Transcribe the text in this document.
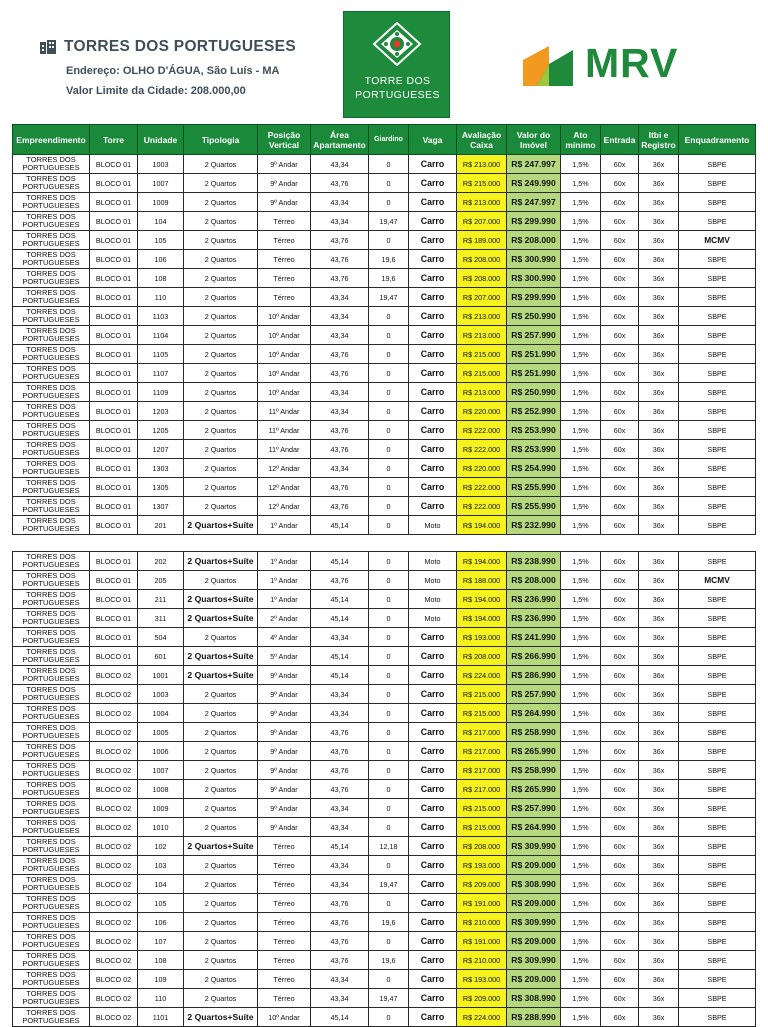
TORRES DOS PORTUGUESES
Endereço: OLHO D'ÁGUA, São Luís - MA
Valor Limite da Cidade: 208.000,00
TORRE DOS
PORTUGUESES
MRV
Empreendimento	Torre	Unidade	Tipologia	Posição Vertical	Área Apartamento	Giardino	Vaga	Avaliação Caixa	Valor do Imóvel	Ato mínimo	Entrada	Itbi e Registro	Enquadramento
TORRES DOS PORTUGUESES	BLOCO 01	1003	2 Quartos	9º Andar	43,34	0	Carro	R$ 213.000	R$ 247.997	1,5%	60x	36x	SBPE
TORRES DOS PORTUGUESES	BLOCO 01	1007	2 Quartos	9º Andar	43,76	0	Carro	R$ 215.000	R$ 249.990	1,5%	60x	36x	SBPE
TORRES DOS PORTUGUESES	BLOCO 01	1009	2 Quartos	9º Andar	43,34	0	Carro	R$ 213.000	R$ 247.997	1,5%	60x	36x	SBPE
TORRES DOS PORTUGUESES	BLOCO 01	104	2 Quartos	Térreo	43,34	19,47	Carro	R$ 207.000	R$ 299.990	1,5%	60x	36x	SBPE
TORRES DOS PORTUGUESES	BLOCO 01	105	2 Quartos	Térreo	43,76	0	Carro	R$ 189.000	R$ 208.000	1,5%	60x	36x	MCMV
TORRES DOS PORTUGUESES	BLOCO 01	106	2 Quartos	Térreo	43,76	19,6	Carro	R$ 208.000	R$ 300.990	1,5%	60x	36x	SBPE
TORRES DOS PORTUGUESES	BLOCO 01	108	2 Quartos	Térreo	43,76	19,6	Carro	R$ 208.000	R$ 300.990	1,5%	60x	36x	SBPE
TORRES DOS PORTUGUESES	BLOCO 01	110	2 Quartos	Térreo	43,34	19,47	Carro	R$ 207.000	R$ 299.990	1,5%	60x	36x	SBPE
TORRES DOS PORTUGUESES	BLOCO 01	1103	2 Quartos	10º Andar	43,34	0	Carro	R$ 213.000	R$ 250.990	1,5%	60x	36x	SBPE
TORRES DOS PORTUGUESES	BLOCO 01	1104	2 Quartos	10º Andar	43,34	0	Carro	R$ 213.000	R$ 257.990	1,5%	60x	36x	SBPE
TORRES DOS PORTUGUESES	BLOCO 01	1105	2 Quartos	10º Andar	43,76	0	Carro	R$ 215.000	R$ 251.990	1,5%	60x	36x	SBPE
TORRES DOS PORTUGUESES	BLOCO 01	1107	2 Quartos	10º Andar	43,76	0	Carro	R$ 215.000	R$ 251.990	1,5%	60x	36x	SBPE
TORRES DOS PORTUGUESES	BLOCO 01	1109	2 Quartos	10º Andar	43,34	0	Carro	R$ 213.000	R$ 250.990	1,5%	60x	36x	SBPE
TORRES DOS PORTUGUESES	BLOCO 01	1203	2 Quartos	11º Andar	43,34	0	Carro	R$ 220.000	R$ 252.990	1,5%	60x	36x	SBPE
TORRES DOS PORTUGUESES	BLOCO 01	1205	2 Quartos	11º Andar	43,76	0	Carro	R$ 222.000	R$ 253.990	1,5%	60x	36x	SBPE
TORRES DOS PORTUGUESES	BLOCO 01	1207	2 Quartos	11º Andar	43,76	0	Carro	R$ 222.000	R$ 253.990	1,5%	60x	36x	SBPE
TORRES DOS PORTUGUESES	BLOCO 01	1303	2 Quartos	12º Andar	43,34	0	Carro	R$ 220.000	R$ 254.990	1,5%	60x	36x	SBPE
TORRES DOS PORTUGUESES	BLOCO 01	1305	2 Quartos	12º Andar	43,76	0	Carro	R$ 222.000	R$ 255.990	1,5%	60x	36x	SBPE
TORRES DOS PORTUGUESES	BLOCO 01	1307	2 Quartos	12º Andar	43,76	0	Carro	R$ 222.000	R$ 255.990	1,5%	60x	36x	SBPE
TORRES DOS PORTUGUESES	BLOCO 01	201	2 Quartos+Suíte	1º Andar	45,14	0	Moto	R$ 194.000	R$ 232.990	1,5%	60x	36x	SBPE
TORRES DOS PORTUGUESES	BLOCO 01	202	2 Quartos+Suíte	1º Andar	45,14	0	Moto	R$ 194.000	R$ 238.990	1,5%	60x	36x	SBPE
TORRES DOS PORTUGUESES	BLOCO 01	205	2 Quartos	1º Andar	43,76	0	Moto	R$ 188.000	R$ 208.000	1,5%	60x	36x	MCMV
TORRES DOS PORTUGUESES	BLOCO 01	211	2 Quartos+Suíte	1º Andar	45,14	0	Moto	R$ 194.000	R$ 236.990	1,5%	60x	36x	SBPE
TORRES DOS PORTUGUESES	BLOCO 01	311	2 Quartos+Suíte	2º Andar	45,14	0	Moto	R$ 194.000	R$ 236.990	1,5%	60x	36x	SBPE
TORRES DOS PORTUGUESES	BLOCO 01	504	2 Quartos	4º Andar	43,34	0	Carro	R$ 193.000	R$ 241.990	1,5%	60x	36x	SBPE
TORRES DOS PORTUGUESES	BLOCO 01	601	2 Quartos+Suíte	5º Andar	45,14	0	Carro	R$ 208.000	R$ 266.990	1,5%	60x	36x	SBPE
TORRES DOS PORTUGUESES	BLOCO 02	1001	2 Quartos+Suíte	9º Andar	45,14	0	Carro	R$ 224.000	R$ 286.990	1,5%	60x	36x	SBPE
TORRES DOS PORTUGUESES	BLOCO 02	1003	2 Quartos	9º Andar	43,34	0	Carro	R$ 215.000	R$ 257.990	1,5%	60x	36x	SBPE
TORRES DOS PORTUGUESES	BLOCO 02	1004	2 Quartos	9º Andar	43,34	0	Carro	R$ 215.000	R$ 264.990	1,5%	60x	36x	SBPE
TORRES DOS PORTUGUESES	BLOCO 02	1005	2 Quartos	9º Andar	43,76	0	Carro	R$ 217.000	R$ 258.990	1,5%	60x	36x	SBPE
TORRES DOS PORTUGUESES	BLOCO 02	1006	2 Quartos	9º Andar	43,76	0	Carro	R$ 217.000	R$ 265.990	1,5%	60x	36x	SBPE
TORRES DOS PORTUGUESES	BLOCO 02	1007	2 Quartos	9º Andar	43,76	0	Carro	R$ 217.000	R$ 258.990	1,5%	60x	36x	SBPE
TORRES DOS PORTUGUESES	BLOCO 02	1008	2 Quartos	9º Andar	43,76	0	Carro	R$ 217.000	R$ 265.990	1,5%	60x	36x	SBPE
TORRES DOS PORTUGUESES	BLOCO 02	1009	2 Quartos	9º Andar	43,34	0	Carro	R$ 215.000	R$ 257.990	1,5%	60x	36x	SBPE
TORRES DOS PORTUGUESES	BLOCO 02	1010	2 Quartos	9º Andar	43,34	0	Carro	R$ 215.000	R$ 264.990	1,5%	60x	36x	SBPE
TORRES DOS PORTUGUESES	BLOCO 02	102	2 Quartos+Suíte	Térreo	45,14	12,18	Carro	R$ 208.000	R$ 309.990	1,5%	60x	36x	SBPE
TORRES DOS PORTUGUESES	BLOCO 02	103	2 Quartos	Térreo	43,34	0	Carro	R$ 193.000	R$ 209.000	1,5%	60x	36x	SBPE
TORRES DOS PORTUGUESES	BLOCO 02	104	2 Quartos	Térreo	43,34	19,47	Carro	R$ 209.000	R$ 308.990	1,5%	60x	36x	SBPE
TORRES DOS PORTUGUESES	BLOCO 02	105	2 Quartos	Térreo	43,76	0	Carro	R$ 191.000	R$ 209.000	1,5%	60x	36x	SBPE
TORRES DOS PORTUGUESES	BLOCO 02	106	2 Quartos	Térreo	43,76	19,6	Carro	R$ 210.000	R$ 309.990	1,5%	60x	36x	SBPE
TORRES DOS PORTUGUESES	BLOCO 02	107	2 Quartos	Térreo	43,76	0	Carro	R$ 191.000	R$ 209.000	1,5%	60x	36x	SBPE
TORRES DOS PORTUGUESES	BLOCO 02	108	2 Quartos	Térreo	43,76	19,6	Carro	R$ 210.000	R$ 309.990	1,5%	60x	36x	SBPE
TORRES DOS PORTUGUESES	BLOCO 02	109	2 Quartos	Térreo	43,34	0	Carro	R$ 193.000	R$ 209.000	1,5%	60x	36x	SBPE
TORRES DOS PORTUGUESES	BLOCO 02	110	2 Quartos	Térreo	43,34	19,47	Carro	R$ 209.000	R$ 308.990	1,5%	60x	36x	SBPE
TORRES DOS PORTUGUESES	BLOCO 02	1101	2 Quartos+Suíte	10º Andar	45,14	0	Carro	R$ 224.000	R$ 288.990	1,5%	60x	36x	SBPE
